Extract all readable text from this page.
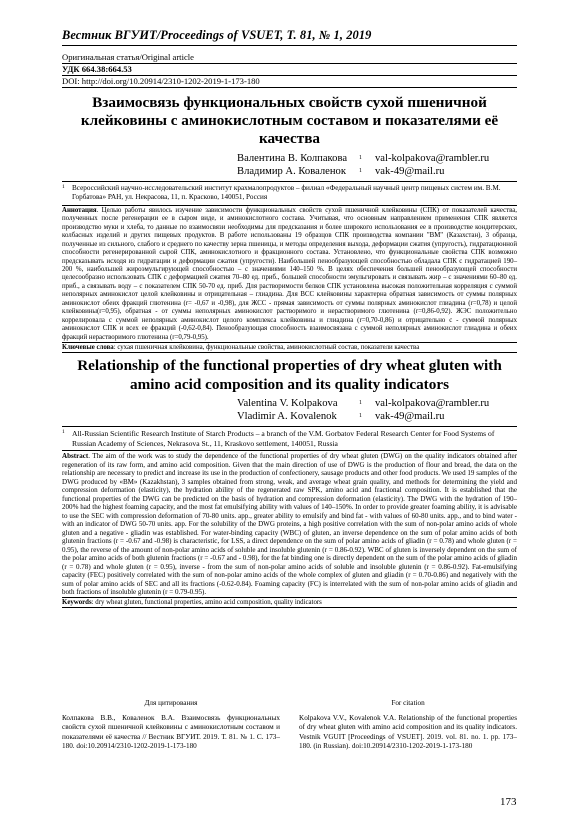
Вестник ВГУИТ/Proceedings of VSUET, Т. 81, № 1, 2019
Оригинальная статья/Original article
УДК 664.38:664.53
DOI: http://doi.org/10.20914/2310-1202-2019-1-173-180
Взаимосвязь функциональных свойств сухой пшеничной клейковины с аминокислотным составом и показателями её качества
Валентина В. Колпакова	1	val-kolpakova@rambler.ru
Владимир А. Коваленок	1	vak-49@mail.ru
1 Всероссийский научно-исследовательский институт крахмалопродуктов – филиал «Федеральный научный центр пищевых систем им. В.М. Горбатова» РАН, ул. Некрасова, 11, п. Красково, 140051, Россия
Аннотация. Целью работы явилось изучение зависимости функциональных свойств сухой пшеничной клейковины (СПК) от показателей качества, полученных после регенерации ее в сыром виде, и аминокислотного состава. Учитывая, что основным направлением применения СПК является производство муки и хлеба, то данные по взаимосвязи необходимы для предсказания и более широкого использования ее в производстве кондитерских, колбасных изделий и других пищевых продуктов. В работе использованы 19 образцов СПК производства компании "ВМ" (Казахстан), 3 образца, полученные из сильного, слабого и среднего по качеству зерна пшеницы, и методы определения выхода, деформации сжатия (упругость), гидратационной способности регенерированной сырой СПК, аминокислотного и фракционного состава. Установлено, что функциональные свойства СПК возможно предсказывать исходя из гидратации и деформации сжатия (упругости). Наибольшей пенообразующей способностью обладала СПК с гидратацией 190–200 %, наибольшей жироэмульгирующей способностью – с значениями 140–150 %. В целях обеспечения большей пенообразующей способности целесообразно использовать СПК с деформацией сжатия 70–80 ед. приб., большей способности эмульгировать и связывать жир – с значениями 60–80 ед. приб., а связывать воду – с показателем СПК 50-70 ед. приб. Для растворимости белков СПК установлена высокая положительная корреляция с суммой неполярных аминокислот целой клейковины и отрицательная – глиадина. Для ВСС клейковины характерна обратная зависимость от суммы полярных аминокислот обеих фракций глютенина (r= -0,67 и -0,98), для ЖСС - прямая зависимость от суммы полярных аминокислот глиадина (r=0,78) и целой клейковины(r=0,95), обратная - от суммы неполярных аминокислот растворимого и нерастворимого глютенина (r=0,86-0,92). ЖЭС положительно коррелировала с суммой неполярных аминокислот целого комплекса клейковины и глиадина (r=0,70-0,86) и отрицательно с - суммой полярных аминокислот СПК и всех ее фракций (-0,62-0,84). Пенообразующая способность взаимосвязана с суммой неполярных аминокислот глиадина и обеих фракций нерастворимого глютенина (r=0,79-0,95).
Ключевые слова: сухая пшеничная клейковина, функциональные свойства, аминокислотный состав, показатели качества
Relationship of the functional properties of dry wheat gluten with amino acid composition and its quality indicators
Valentina V. Kolpakova	1	val-kolpakova@rambler.ru
Vladimir A. Kovalenok	1	vak-49@mail.ru
1 All-Russian Scientific Research Institute of Starch Products – a branch of the V.M. Gorbatov Federal Research Center for Food Systems of Russian Academy of Sciences, Nekrasova St., 11, Kraskovo settlement, 140051, Russia
Abstract. The aim of the work was to study the dependence of the functional properties of dry wheat gluten (DWG) on the quality indicators obtained after regeneration of its raw form, and amino acid composition. Given that the main direction of use of DWG is the production of flour and bread, the data on the relationship are necessary to predict and increase its use in the production of confectionery, sausage products and other food products. We used 19 samples of the DWG produced by «BM» (Kazakhstan), 3 samples obtained from strong, weak, and average wheat grain quality, and methods for determining the yield and compression deformation (elasticity), the hydration ability of the regenerated raw SPK, amino acid and fractional composition. It is established that the functional properties of the DWG can be predicted on the basis of hydration and compression deformation (elasticity). The DWG with the hydration of 190–200% had the highest foaming capacity, and the most fat emulsifying ability with values of 140–150%. In order to provide greater foaming ability, it is advisable to use the SEC with compression deformation of 70-80 units. app., greater ability to emulsify and bind fat - with values of 60-80 units. app., and to bind water - with an indicator of DWG 50-70 units. app. For the solubility of the DWG proteins, a high positive correlation with the sum of non-polar amino acids of whole gluten and a negative - gliadin was established. For water-binding capacity (WBC) of gluten, an inverse dependence on the sum of polar amino acids of both glutenin fractions (r = -0.67 and -0.98) is characteristic, for LSS, a direct dependence on the sum of polar amino acids of gliadin (r = 0.78) and whole gluten (r = 0.95), the reverse of the amount of non-polar amino acids of soluble and insoluble glutenin (r = 0.86-0.92). WBC of gluten is inversely dependent on the sum of the polar amino acids of both glutenin fractions (r = -0.67 and - 0.98), for the fat binding one is directly dependent on the sum of the polar amino acids of gliadin (r = 0.78) and whole gluten (r = 0.95), inverse - from the sum of non-polar amino acids of soluble and insoluble glutenin (r = 0.86-0.92). Fat-emulsifying capacity (FEC) positively correlated with the sum of non-polar amino acids of the whole complex of gluten and gliadin (r = 0.70-0.86) and negatively with the sum of polar amino acids of SEC and all its fractions (-0.62-0.84). Foaming capacity (FC) is interrelated with the sum of non-polar amino acids of gliadin and both fractions of insoluble glutenin (r = 0.79-0.95).
Keywords: dry wheat gluten, functional properties, amino acid composition, quality indicators
Для цитирования
Колпакова В.В., Коваленок В.А. Взаимосвязь функциональных свойств сухой пшеничной клейковины с аминокислотным составом и показателями её качества // Вестник ВГУИТ. 2019. Т. 81. № 1. С. 173–180. doi:10.20914/2310-1202-2019-1-173-180
For citation
Kolpakova V.V., Kovalenok V.A. Relationship of the functional properties of dry wheat gluten with amino acid composition and its quality indicators. Vestnik VGUIT [Proceedings of VSUET]. 2019. vol. 81. no. 1. pp. 173–180. (in Russian). doi:10.20914/2310-1202-2019-1-173-180
173
